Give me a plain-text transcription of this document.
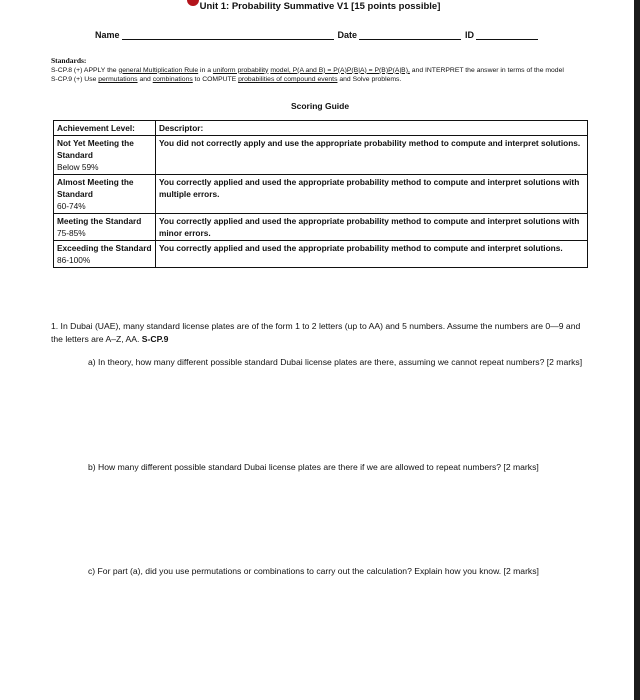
Unit 1: Probability Summative V1 [15 points possible]
Name	Date	ID
Standards:
S-CP.8 (+) APPLY the general Multiplication Rule in a uniform probability model, P(A and B) = P(A)P(B|A) = P(B)P(A|B), and INTERPRET the answer in terms of the model
S-CP.9 (+) Use permutations and combinations to COMPUTE probabilities of compound events and Solve problems.
Scoring Guide
Achievement Level:	Descriptor:

Not Yet Meeting the Standard
Below 59%	You did not correctly apply and use the appropriate probability method to compute and interpret solutions.

Almost Meeting the Standard
60-74%	You correctly applied and used the appropriate probability method to compute and interpret solutions with multiple errors.

Meeting the Standard
75-85%	You correctly applied and used the appropriate probability method to compute and interpret solutions with minor errors.

Exceeding the Standard
86-100%	You correctly applied and used the appropriate probability method to compute and interpret solutions.
1. In Dubai (UAE), many standard license plates are of the form 1 to 2 letters (up to AA) and 5 numbers. Assume the numbers are 0—9 and the letters are A–Z, AA. S-CP.9
a) In theory, how many different possible standard Dubai license plates are there, assuming we cannot repeat numbers? [2 marks]
b) How many different possible standard Dubai license plates are there if we are allowed to repeat numbers? [2 marks]
c) For part (a), did you use permutations or combinations to carry out the calculation? Explain how you know. [2 marks]
